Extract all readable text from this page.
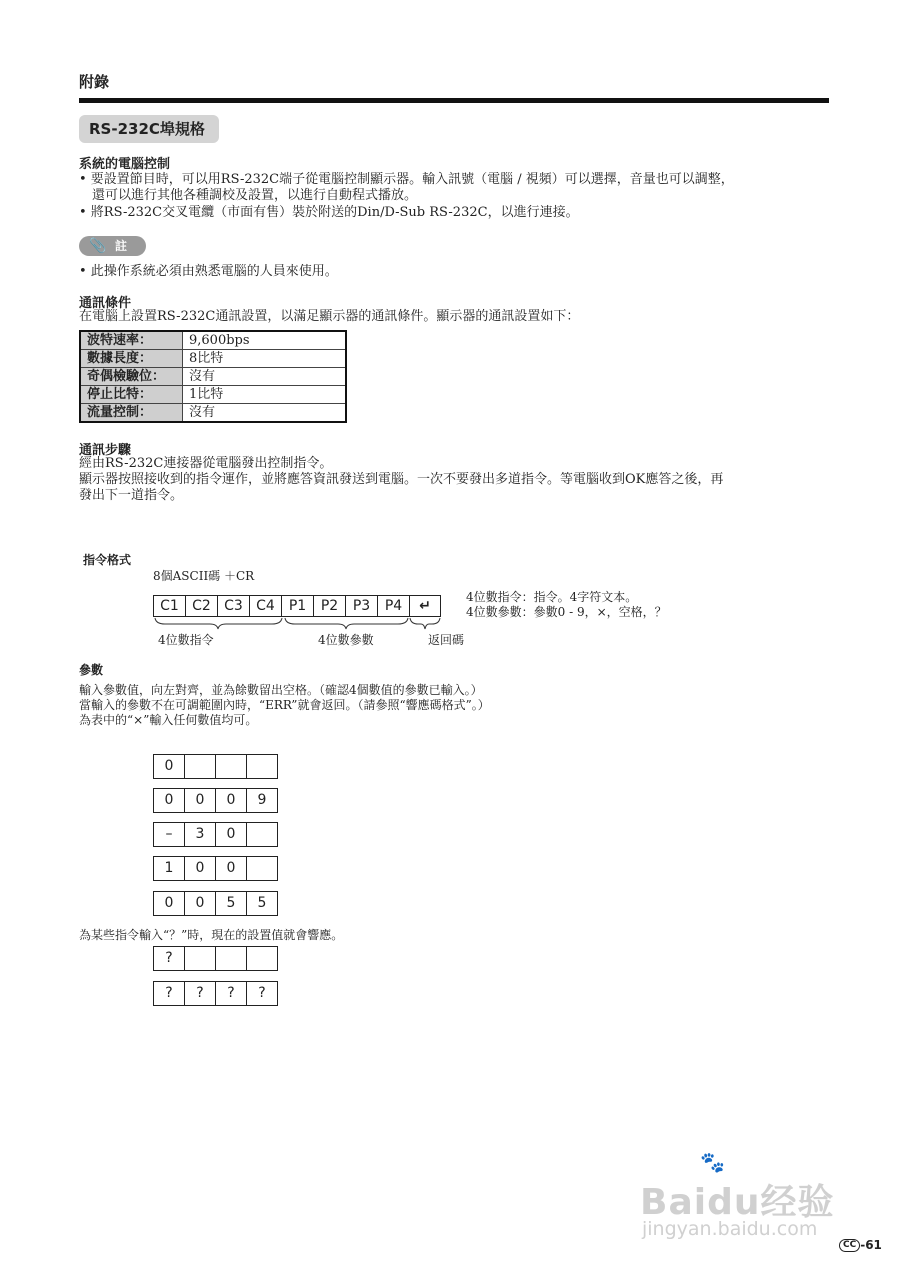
附錄
RS-232C埠規格
系統的電腦控制
• 要設置節目時，可以用RS-232C端子從電腦控制顯示器。輸入訊號（電腦 / 視頻）可以選擇，音量也可以調整，
還可以進行其他各種調校及設置，以進行自動程式播放。
• 將RS-232C交叉電纜（市面有售）裝於附送的Din/D-Sub RS-232C，以進行連接。
📎 註
• 此操作系統必須由熟悉電腦的人員來使用。
通訊條件
在電腦上設置RS-232C通訊設置，以滿足顯示器的通訊條件。顯示器的通訊設置如下：
波特速率：	9,600bps
數據長度：	8比特
奇偶檢驗位：	沒有
停止比特：	1比特
流量控制：	沒有
通訊步驟
經由RS-232C連接器從電腦發出控制指令。
顯示器按照接收到的指令運作，並將應答資訊發送到電腦。一次不要發出多道指令。等電腦收到OK應答之後，再
發出下一道指令。
指令格式
8個ASCII碼 ＋CR
C1 C2 C3 C4 P1	P2	P3	P4	↵
4位數指令：指令。4字符文本。
4位數參數：參數0 - 9，×，空格，？
4位數指令	4位數參數	返回碼
參數
輸入參數值，向左對齊，並為餘數留出空格。（確認4個數值的參數已輸入。）
當輸入的參數不在可調範圍內時，“ERR”就會返回。（請參照“響應碼格式”。）
為表中的“×”輸入任何數值均可。
0
0	0	0	9
–	3	0
1	0	0
0	0	5	5
為某些指令輸入“？”時，現在的設置值就會響應。
?
?	?	?	?
🐾
Baidu经验
jingyan.baidu.com
CC -61
